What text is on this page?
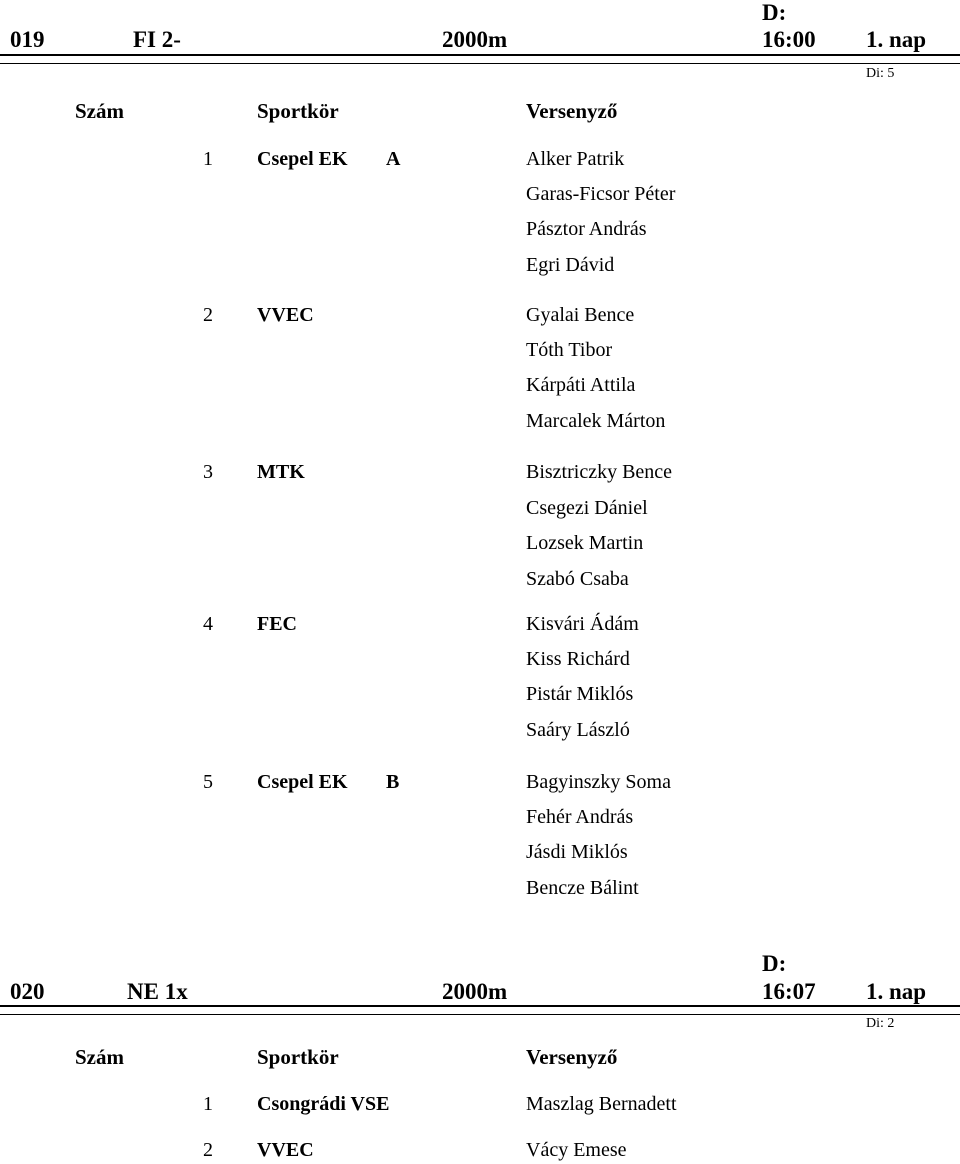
D:
019	FI 2-	2000m	16:00 1. nap
Di: 5
Szám	Sportkör	Versenyző
1 Csepel EK A	Alker Patrik
Garas-Ficsor Péter
Pásztor András
Egri Dávid
2 VVEC	Gyalai Bence
Tóth Tibor
Kárpáti Attila
Marcalek Márton
3 MTK	Bisztriczky Bence
Csegezi Dániel
Lozsek Martin
Szabó Csaba
4 FEC	Kisvári Ádám
Kiss Richárd
Pistár Miklós
Saáry László
5 Csepel EK B	Bagyinszky Soma
Fehér András
Jásdi Miklós
Bencze Bálint
D:
020	NE 1x	2000m	16:07 1. nap
Di: 2
Szám	Sportkör	Versenyző
1 Csongrádi VSE	Maszlag Bernadett
2 VVEC	Vácy Emese
